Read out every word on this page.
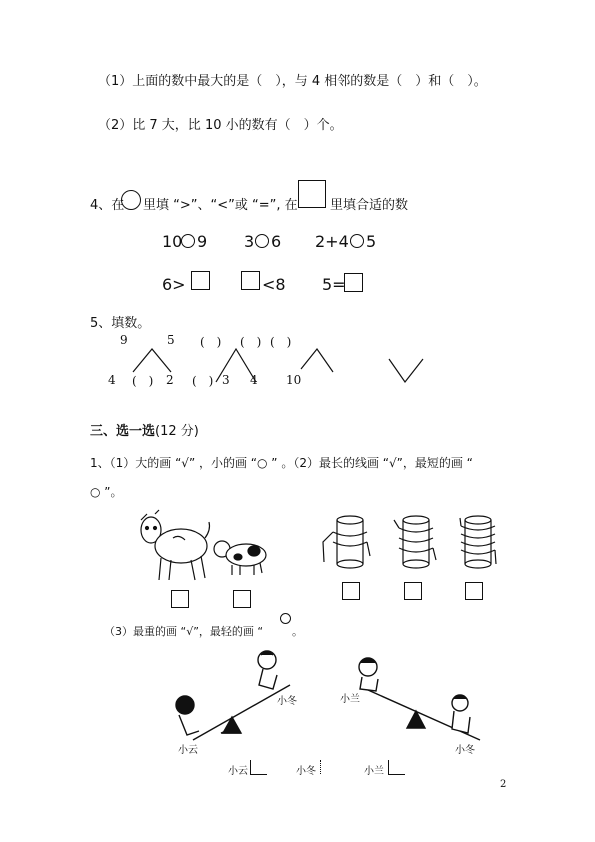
（1）上面的数中最大的是（　），与 4 相邻的数是（　）和（　）。
（2）比 7 大，比 10 小的数有（　）个。
4、在 里填 “>”、“<”或 “=”, 在 里填合适的数
10 9 3 6 2+4 5
6>	<8 5=
5、填数。
9	5 (　) (　) (　)
4 (　) 2 (　) 3 4 10
三、选一选(12 分)
1、（1）大的画 “√” ，小的画 “○ ” 。（2）最长的线画 “√”，最短的画 “
○ ”。
（3）最重的画 “√”，最轻的画 “	。
小冬
小云
小兰
小冬
小云	小冬	小兰
2
